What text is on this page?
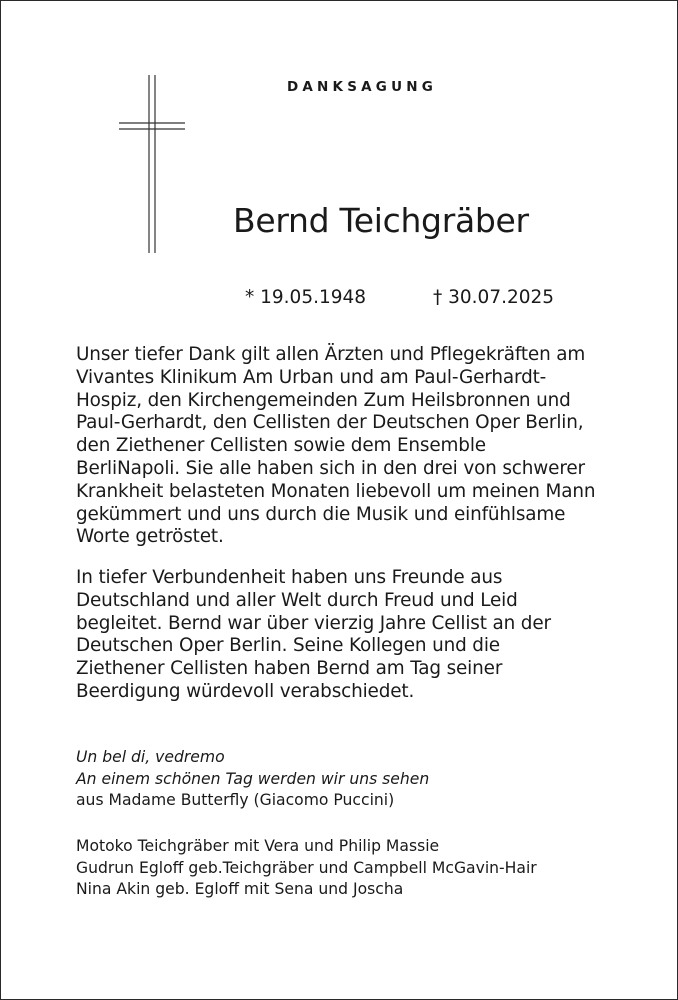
DANKSAGUNG
Bernd Teichgräber
* 19.05.1948	† 30.07.2025
Unser tiefer Dank gilt allen Ärzten und Pflegekräften am
Vivantes Klinikum Am Urban und am Paul-Gerhardt-
Hospiz, den Kirchengemeinden Zum Heilsbronnen und
Paul-Gerhardt, den Cellisten der Deutschen Oper Berlin,
den Ziethener Cellisten sowie dem Ensemble
BerliNapoli. Sie alle haben sich in den drei von schwerer
Krankheit belasteten Monaten liebevoll um meinen Mann
gekümmert und uns durch die Musik und einfühlsame
Worte getröstet.
In tiefer Verbundenheit haben uns Freunde aus
Deutschland und aller Welt durch Freud und Leid
begleitet. Bernd war über vierzig Jahre Cellist an der
Deutschen Oper Berlin. Seine Kollegen und die
Ziethener Cellisten haben Bernd am Tag seiner
Beerdigung würdevoll verabschiedet.
Un bel di, vedremo
An einem schönen Tag werden wir uns sehen
aus Madame Butterfly (Giacomo Puccini)
Motoko Teichgräber mit Vera und Philip Massie
Gudrun Egloff geb.Teichgräber und Campbell McGavin-Hair
Nina Akin geb. Egloff mit Sena und Joscha
